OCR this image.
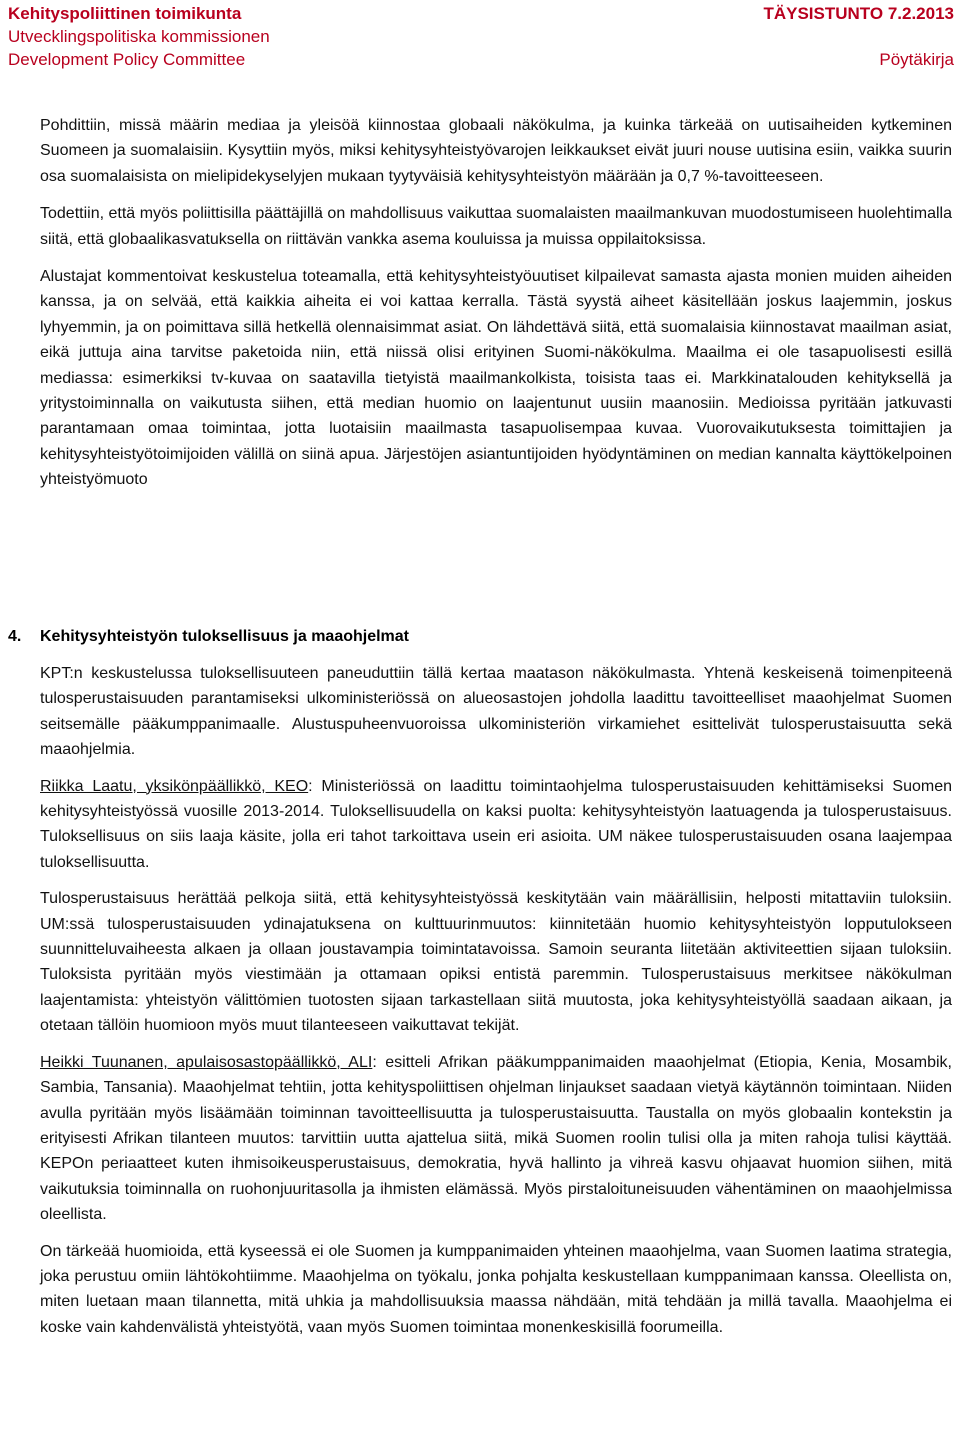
Kehityspoliittinen toimikunta	TÄYSISTUNTO 7.2.2013
Utvecklingspolitiska kommissionen
Development Policy Committee	Pöytäkirja

Pohdittiin, missä määrin mediaa ja yleisöä kiinnostaa globaali näkökulma, ja kuinka tärkeää on uutisaiheiden kytkeminen Suomeen ja suomalaisiin. Kysyttiin myös, miksi kehitysyhteistyövarojen leikkaukset eivät juuri nouse uutisina esiin, vaikka suurin osa suomalaisista on mielipidekyselyjen mukaan tyytyväisiä kehitysyhteistyön määrään ja 0,7 %-tavoitteeseen.

Todettiin, että myös poliittisilla päättäjillä on mahdollisuus vaikuttaa suomalaisten maailmankuvan muodostumiseen huolehtimalla siitä, että globaalikasvatuksella on riittävän vankka asema kouluissa ja muissa oppilaitoksissa.

Alustajat kommentoivat keskustelua toteamalla, että kehitysyhteistyöuutiset kilpailevat samasta ajasta monien muiden aiheiden kanssa, ja on selvää, että kaikkia aiheita ei voi kattaa kerralla. Tästä syystä aiheet käsitellään joskus laajemmin, joskus lyhyemmin, ja on poimittava sillä hetkellä olennaisimmat asiat. On lähdettävä siitä, että suomalaisia kiinnostavat maailman asiat, eikä juttuja aina tarvitse paketoida niin, että niissä olisi erityinen Suomi-näkökulma. Maailma ei ole tasapuolisesti esillä mediassa: esimerkiksi tv-kuvaa on saatavilla tietyistä maailmankolkista, toisista taas ei. Markkinatalouden kehityksellä ja yritystoiminnalla on vaikutusta siihen, että median huomio on laajentunut uusiin maanosiin. Medioissa pyritään jatkuvasti parantamaan omaa toimintaa, jotta luotaisiin maailmasta tasapuolisempaa kuvaa. Vuorovaikutuksesta toimittajien ja kehitysyhteistyötoimijoiden välillä on siinä apua. Järjestöjen asiantuntijoiden hyödyntäminen on median kannalta käyttökelpoinen yhteistyömuoto

4.	Kehitysyhteistyön tuloksellisuus ja maaohjelmat

KPT:n keskustelussa tuloksellisuuteen paneuduttiin tällä kertaa maatason näkökulmasta. Yhtenä keskeisenä toimenpiteenä tulosperustaisuuden parantamiseksi ulkoministeriössä on alueosastojen johdolla laadittu tavoitteelliset maaohjelmat Suomen seitsemälle pääkumppanimaalle. Alustuspuheenvuoroissa ulkoministeriön virkamiehet esittelivät tulosperustaisuutta sekä maaohjelmia.

Riikka Laatu, yksikönpäällikkö, KEO: Ministeriössä on laadittu toimintaohjelma tulosperustaisuuden kehittämiseksi Suomen kehitysyhteistyössä vuosille 2013-2014. Tuloksellisuudella on kaksi puolta: kehitysyhteistyön laatuagenda ja tulosperustaisuus. Tuloksellisuus on siis laaja käsite, jolla eri tahot tarkoittava usein eri asioita. UM näkee tulosperustaisuuden osana laajempaa tuloksellisuutta.

Tulosperustaisuus herättää pelkoja siitä, että kehitysyhteistyössä keskitytään vain määrällisiin, helposti mitattaviin tuloksiin. UM:ssä tulosperustaisuuden ydinajatuksena on kulttuurinmuutos: kiinnitetään huomio kehitysyhteistyön lopputulokseen suunnitteluvaiheesta alkaen ja ollaan joustavampia toimintatavoissa. Samoin seuranta liitetään aktiviteettien sijaan tuloksiin. Tuloksista pyritään myös viestimään ja ottamaan opiksi entistä paremmin. Tulosperustaisuus merkitsee näkökulman laajentamista: yhteistyön välittömien tuotosten sijaan tarkastellaan siitä muutosta, joka kehitysyhteistyöllä saadaan aikaan, ja otetaan tällöin huomioon myös muut tilanteeseen vaikuttavat tekijät.

Heikki Tuunanen, apulaisosastopäällikkö, ALI: esitteli Afrikan pääkumppanimaiden maaohjelmat (Etiopia, Kenia, Mosambik, Sambia, Tansania). Maaohjelmat tehtiin, jotta kehityspoliittisen ohjelman linjaukset saadaan vietyä käytännön toimintaan. Niiden avulla pyritään myös lisäämään toiminnan tavoitteellisuutta ja tulosperustaisuutta. Taustalla on myös globaalin kontekstin ja erityisesti Afrikan tilanteen muutos: tarvittiin uutta ajattelua siitä, mikä Suomen roolin tulisi olla ja miten rahoja tulisi käyttää. KEPOn periaatteet kuten ihmisoikeusperustaisuus, demokratia, hyvä hallinto ja vihreä kasvu ohjaavat huomion siihen, mitä vaikutuksia toiminnalla on ruohonjuuritasolla ja ihmisten elämässä. Myös pirstaloituneisuuden vähentäminen on maaohjelmissa oleellista.

On tärkeää huomioida, että kyseessä ei ole Suomen ja kumppanimaiden yhteinen maaohjelma, vaan Suomen laatima strategia, joka perustuu omiin lähtökohtiimme. Maaohjelma on työkalu, jonka pohjalta keskustellaan kumppanimaan kanssa. Oleellista on, miten luetaan maan tilannetta, mitä uhkia ja mahdollisuuksia maassa nähdään, mitä tehdään ja millä tavalla. Maaohjelma ei koske vain kahdenvälistä yhteistyötä, vaan myös Suomen toimintaa monenkeskisillä foorumeilla.
